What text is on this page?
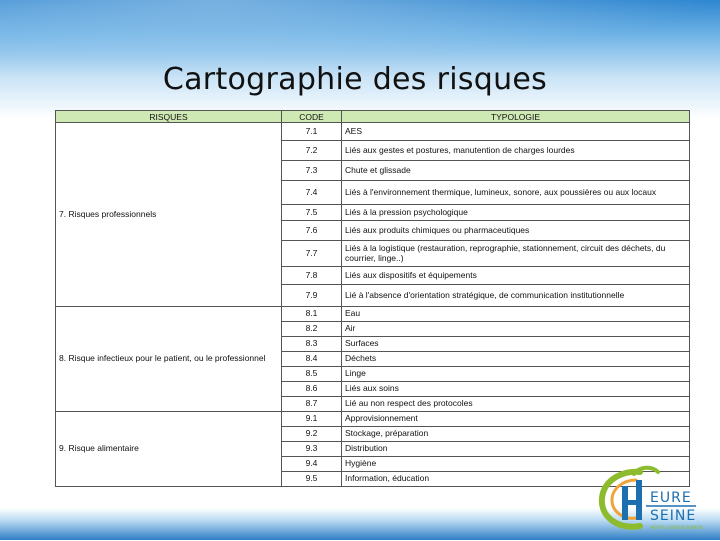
Cartographie des risques
RISQUES	CODE	TYPOLOGIE
7. Risques professionnels	7.1	AES
	7.2	Liés aux gestes et postures, manutention de charges lourdes
	7.3	Chute et glissade
	7.4	Liés à l'environnement thermique, lumineux, sonore, aux poussières ou aux locaux
	7.5	Liés à la pression psychologique
	7.6	Liés aux produits chimiques ou pharmaceutiques
	7.7	Liés à la logistique (restauration, reprographie, stationnement, circuit des déchets, du courrier, linge..)
	7.8	Liés aux dispositifs et équipements
	7.9	Lié à l'absence d'orientation stratégique, de communication institutionnelle
8. Risque infectieux pour le patient, ou le professionnel	8.1	Eau
	8.2	Air
	8.3	Surfaces
	8.4	Déchets
	8.5	Linge
	8.6	Liés aux soins
	8.7	Lié au non respect des protocoles
9. Risque alimentaire	9.1	Approvisionnement
	9.2	Stockage, préparation
	9.3	Distribution
	9.4	Hygiène
	9.5	Information, éducation
EURE
SEINE
HÔPITAL EVREUX-VERNON
